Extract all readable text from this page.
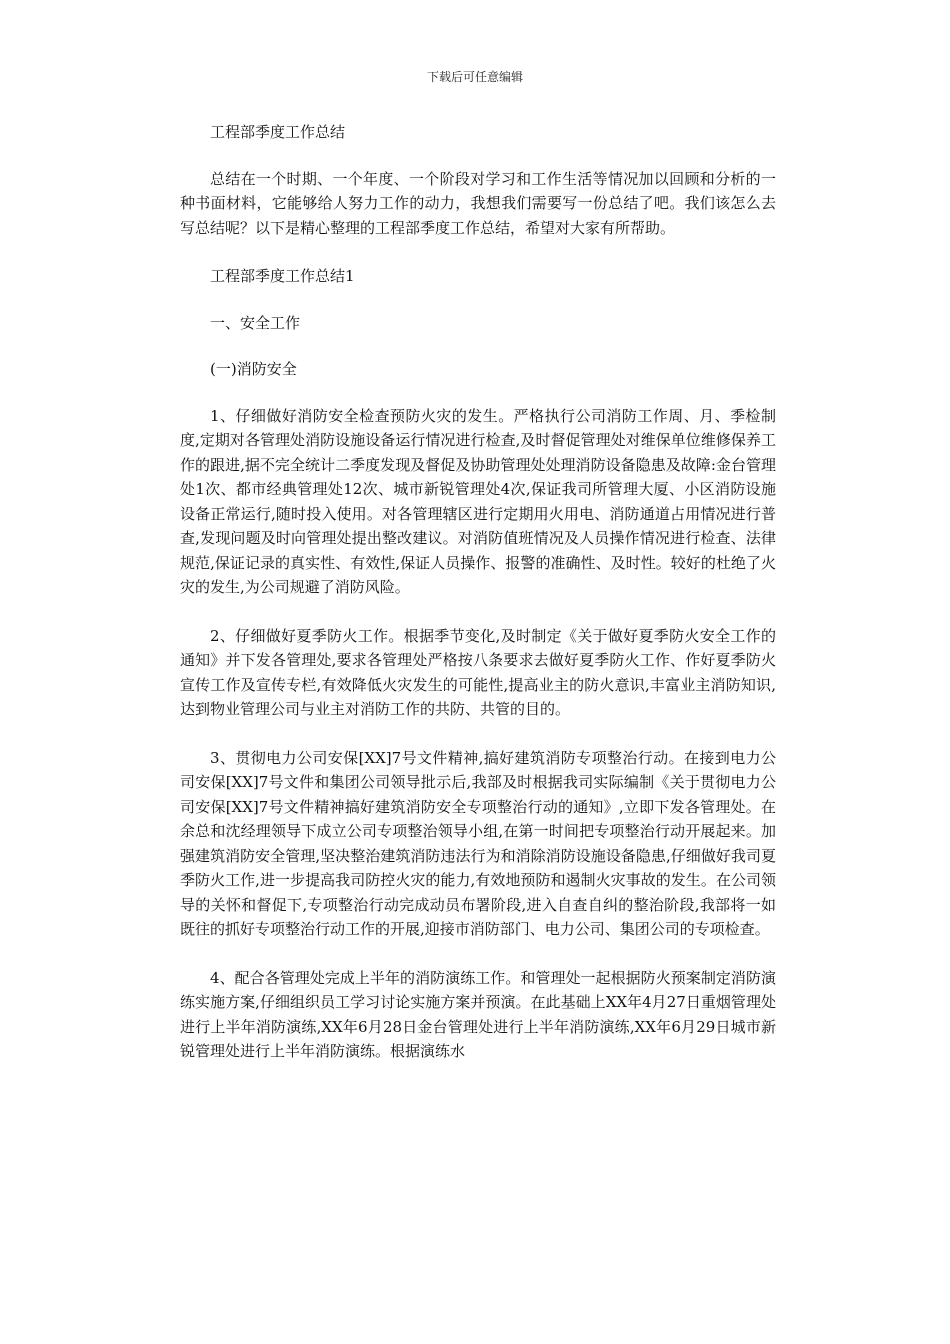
下载后可任意编辑

工程部季度工作总结

总结在一个时期、一个年度、一个阶段对学习和工作生活等情况加以回顾和分析的一种书面材料，它能够给人努力工作的动力，我想我们需要写一份总结了吧。我们该怎么去写总结呢？以下是精心整理的工程部季度工作总结，希望对大家有所帮助。

工程部季度工作总结1

一、安全工作

(一)消防安全

1、仔细做好消防安全检查预防火灾的发生。严格执行公司消防工作周、月、季检制度,定期对各管理处消防设施设备运行情况进行检查,及时督促管理处对维保单位维修保养工作的跟进,据不完全统计二季度发现及督促及协助管理处处理消防设备隐患及故障:金台管理处1次、都市经典管理处12次、城市新锐管理处4次,保证我司所管理大厦、小区消防设施设备正常运行,随时投入使用。对各管理辖区进行定期用火用电、消防通道占用情况进行普查,发现问题及时向管理处提出整改建议。对消防值班情况及人员操作情况进行检查、法律规范,保证记录的真实性、有效性,保证人员操作、报警的准确性、及时性。较好的杜绝了火灾的发生,为公司规避了消防风险。

2、仔细做好夏季防火工作。根据季节变化,及时制定《关于做好夏季防火安全工作的通知》并下发各管理处,要求各管理处严格按八条要求去做好夏季防火工作、作好夏季防火宣传工作及宣传专栏,有效降低火灾发生的可能性,提高业主的防火意识,丰富业主消防知识,达到物业管理公司与业主对消防工作的共防、共管的目的。

3、贯彻电力公司安保[XX]7号文件精神,搞好建筑消防专项整治行动。在接到电力公司安保[XX]7号文件和集团公司领导批示后,我部及时根据我司实际编制《关于贯彻电力公司安保[XX]7号文件精神搞好建筑消防安全专项整治行动的通知》,立即下发各管理处。在余总和沈经理领导下成立公司专项整治领导小组,在第一时间把专项整治行动开展起来。加强建筑消防安全管理,坚决整治建筑消防违法行为和消除消防设施设备隐患,仔细做好我司夏季防火工作,进一步提高我司防控火灾的能力,有效地预防和遏制火灾事故的发生。在公司领导的关怀和督促下,专项整治行动完成动员布署阶段,进入自查自纠的整治阶段,我部将一如既往的抓好专项整治行动工作的开展,迎接市消防部门、电力公司、集团公司的专项检查。

4、配合各管理处完成上半年的消防演练工作。和管理处一起根据防火预案制定消防演练实施方案,仔细组织员工学习讨论实施方案并预演。在此基础上XX年4月27日重烟管理处进行上半年消防演练,XX年6月28日金台管理处进行上半年消防演练,XX年6月29日城市新锐管理处进行上半年消防演练。根据演练水
